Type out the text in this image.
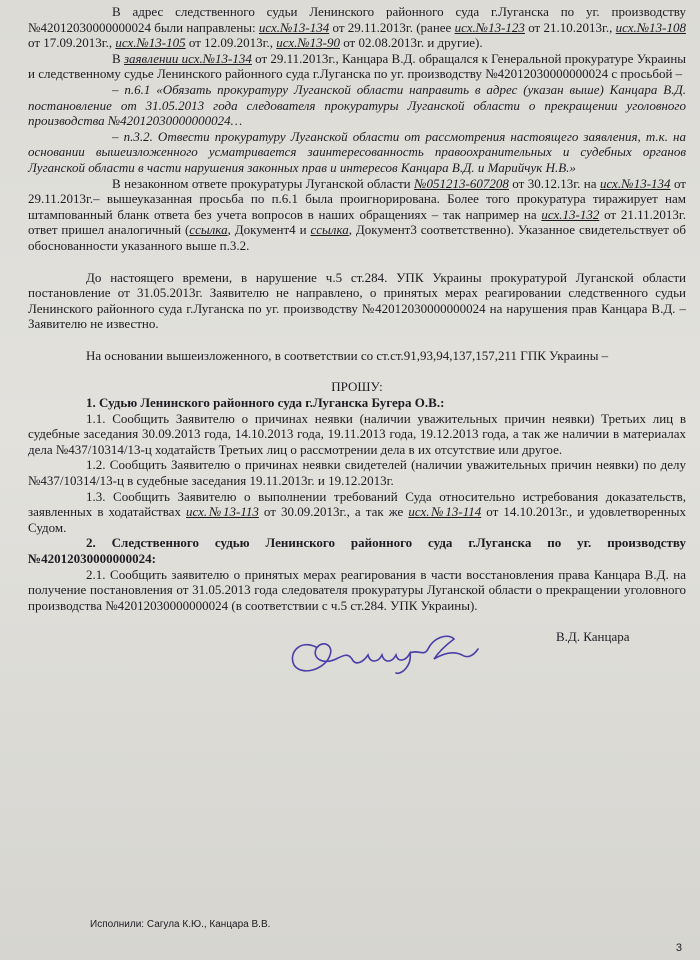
В адрес следственного судьи Ленинского районного суда г.Луганска по уг. производству №42012030000000024 были направлены: исх.№13-134 от 29.11.2013г. (ранее исх.№13-123 от 21.10.2013г., исх.№13-108 от 17.09.2013г., исх.№13-105 от 12.09.2013г., исх.№13-90 от 02.08.2013г. и другие).

В заявлении исх.№13-134 от 29.11.2013г., Канцара В.Д. обращался к Генеральной прокуратуре Украины и следственному судье Ленинского районного суда г.Луганска по уг. производству №42012030000000024 с просьбой –

– п.6.1 «Обязать прокуратуру Луганской области направить в адрес (указан выше) Канцара В.Д. постановление от 31.05.2013 года следователя прокуратуры Луганской области о прекращении уголовного производства №42012030000000024…

– п.3.2. Отвести прокуратуру Луганской области от рассмотрения настоящего заявления, т.к. на основании вышеизложенного усматривается заинтересованность правоохранительных и судебных органов Луганской области в части нарушения законных прав и интересов Канцара В.Д. и Марийчук Н.В.»

В незаконном ответе прокуратуры Луганской области №051213-607208 от 30.12.13г. на исх.№13-134 от 29.11.2013г.– вышеуказанная просьба по п.6.1 была проигнорирована. Более того прокуратура тиражирует нам штампованный бланк ответа без учета вопросов в наших обращениях – так например на исх.13-132 от 21.11.2013г. ответ пришел аналогичный (ссылка, Документ4 и ссылка, Документ3 соответственно). Указанное свидетельствует об обоснованности указанного выше п.3.2.

До настоящего времени, в нарушение ч.5 ст.284. УПК Украины прокуратурой Луганской области постановление от 31.05.2013г. Заявителю не направлено, о принятых мерах реагировании следственного судьи Ленинского районного суда г.Луганска по уг. производству №42012030000000024 на нарушения прав Канцара В.Д. – Заявителю не известно.

На основании вышеизложенного, в соответствии со ст.ст.91,93,94,137,157,211 ГПК Украины –

ПРОШУ:

1. Судью Ленинского районного суда г.Луганска Бугера О.В.:

1.1. Сообщить Заявителю о причинах неявки (наличии уважительных причин неявки) Третьих лиц в судебные заседания 30.09.2013 года, 14.10.2013 года, 19.11.2013 года, 19.12.2013 года, а так же наличии в материалах дела №437/10314/13-ц ходатайств Третьих лиц о рассмотрении дела в их отсутствие или другое.

1.2. Сообщить Заявителю о причинах неявки свидетелей (наличии уважительных причин неявки) по делу №437/10314/13-ц в судебные заседания 19.11.2013г. и 19.12.2013г.

1.3. Сообщить Заявителю о выполнении требований Суда относительно истребования доказательств, заявленных в ходатайствах исх.№13-113 от 30.09.2013г., а так же исх.№13-114 от 14.10.2013г., и удовлетворенных Судом.

2. Следственного судью Ленинского районного суда г.Луганска по уг. производству №42012030000000024:

2.1. Сообщить заявителю о принятых мерах реагирования в части восстановления права Канцара В.Д. на получение постановления от 31.05.2013 года следователя прокуратуры Луганской области о прекращении уголовного производства №42012030000000024 (в соответствии с ч.5 ст.284. УПК Украины).

В.Д. Канцара
Исполнили: Сагула К.Ю., Канцара В.В.
3
